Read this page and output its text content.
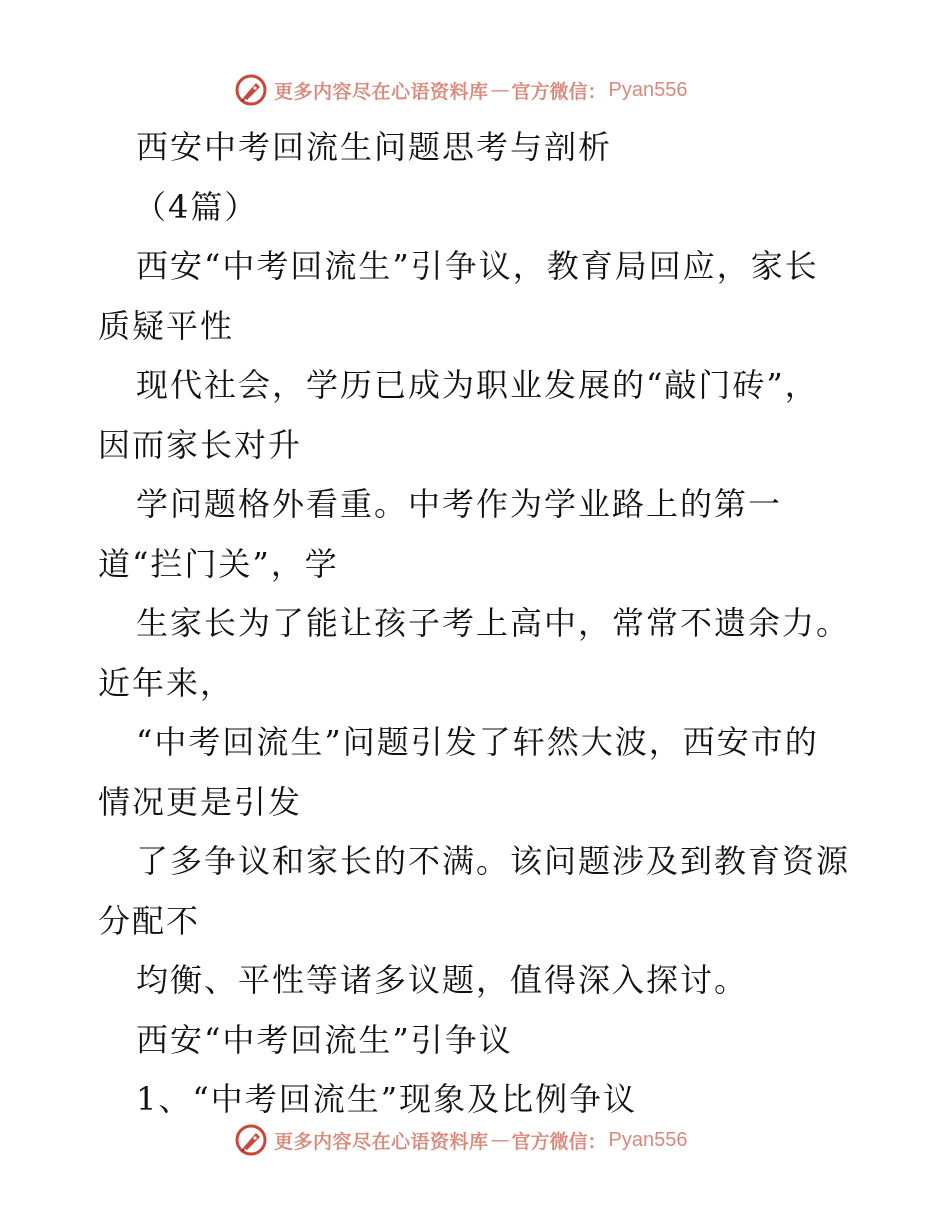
更多内容尽在心语资料库 — 官方微信： Pyan556
西安中考回流生问题思考与剖析
（4篇）
西安“中考回流生”引争议，教育局回应，家长
质疑平性
现代社会，学历已成为职业发展的“敲门砖”，
因而家长对升
学问题格外看重。中考作为学业路上的第一
道“拦门关”，学
生家长为了能让孩子考上高中，常常不遗余力。
近年来，
“中考回流生”问题引发了轩然大波，西安市的
情况更是引发
了多争议和家长的不满。该问题涉及到教育资源
分配不
均衡、平性等诸多议题，值得深入探讨。
西安“中考回流生”引争议
1、“中考回流生”现象及比例争议
更多内容尽在心语资料库 — 官方微信： Pyan556
